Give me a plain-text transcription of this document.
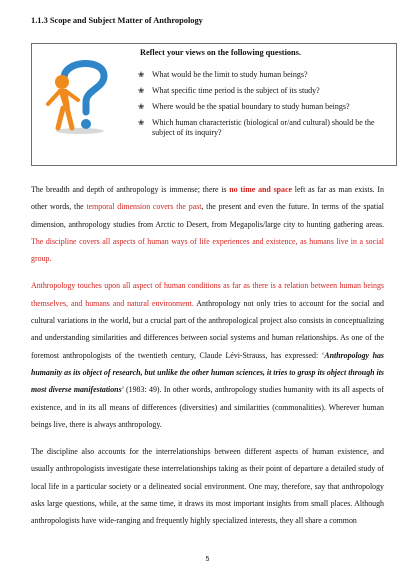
1.1.3 Scope and Subject Matter of Anthropology
Reflect your views on the following questions.
❀ What would be the limit to study human beings?
❀ What specific time period is the subject of its study?
❀ Where would be the spatial boundary to study human beings?
❀ Which human characteristic (biological or/and cultural) should be the subject of its inquiry?

The breadth and depth of anthropology is immense; there is no time and space left as far as man exists. In other words, the temporal dimension covers the past, the present and even the future. In terms of the spatial dimension, anthropology studies from Arctic to Desert, from Megapolis/large city to hunting gathering areas. The discipline covers all aspects of human ways of life experiences and existence, as humans live in a social group.

Anthropology touches upon all aspect of human conditions as far as there is a relation between human beings themselves, and humans and natural environment. Anthropology not only tries to account for the social and cultural variations in the world, but a crucial part of the anthropological project also consists in conceptualizing and understanding similarities and differences between social systems and human relationships. As one of the foremost anthropologists of the twentieth century, Claude Lévi-Strauss, has expressed: ‘Anthropology has humanity as its object of research, but unlike the other human sciences, it tries to grasp its object through its most diverse manifestations’ (1983: 49). In other words, anthropology studies humanity with its all aspects of existence, and in its all means of differences (diversities) and similarities (commonalities). Wherever human beings live, there is always anthropology.

The discipline also accounts for the interrelationships between different aspects of human existence, and usually anthropologists investigate these interrelationships taking as their point of departure a detailed study of local life in a particular society or a delineated social environment. One may, therefore, say that anthropology asks large questions, while, at the same time, it draws its most important insights from small places. Although anthropologists have wide-ranging and frequently highly specialized interests, they all share a common

5
